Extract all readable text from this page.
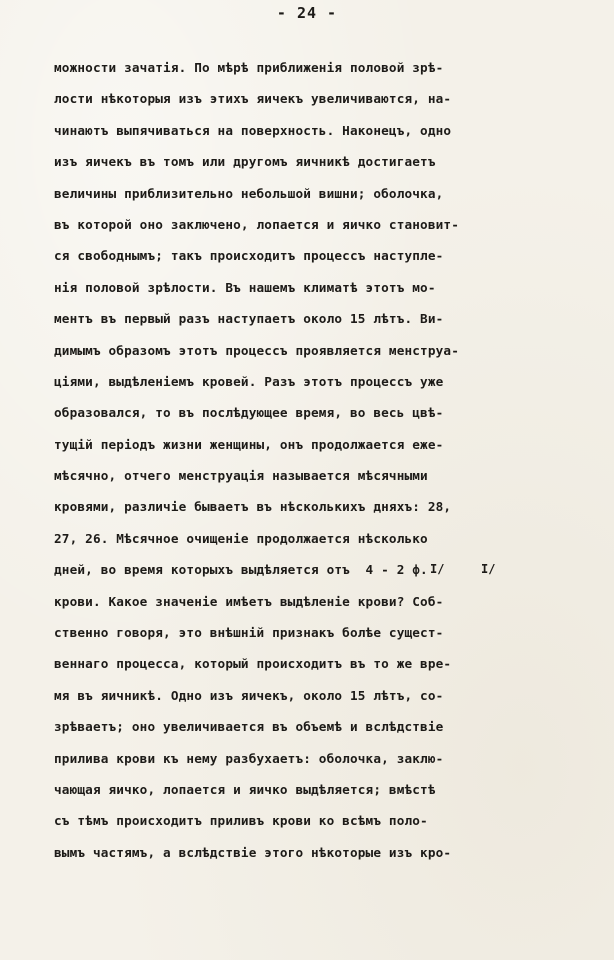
- 24 -
можности зачатія. По мѣрѣ приближенія половой зрѣ-
лости нѣкоторыя изъ этихъ яичекъ увеличиваются, на-
чинаютъ выпячиваться на поверхность. Наконецъ, одно
изъ яичекъ въ томъ или другомъ яичникѣ достигаетъ
величины приблизительно небольшой вишни; оболочка,
въ которой оно заключено, лопается и яичко становит-
ся свободнымъ; такъ происходитъ процессъ наступле-
нія половой зрѣлости. Въ нашемъ климатѣ этотъ мо-
ментъ въ первый разъ наступаетъ около 15 лѣтъ. Ви-
димымъ образомъ этотъ процессъ проявляется менструа-
ціями, выдѣленіемъ кровей. Разъ этотъ процессъ уже
образовался, то въ послѣдующее время, во весь цвѣ-
тущій періодъ жизни женщины, онъ продолжается еже-
мѣсячно, отчего менструація называется мѣсячными
кровями, различіе бываетъ въ нѣсколькихъ дняхъ: 28,
27, 26. Мѣсячное очищеніе продолжается нѣсколько
дней, во время которыхъ выдѣляется отъ  4 - 2 ф.
крови. Какое значеніе имѣетъ выдѣленіе крови? Соб-
ственно говоря, это внѣшній признакъ болѣе сущест-
веннаго процесса, который происходитъ въ то же вре-
мя въ яичникѣ. Одно изъ яичекъ, около 15 лѣтъ, со-
зрѣваетъ; оно увеличивается въ объемѣ и вслѣдствіе
прилива крови къ нему разбухаетъ: оболочка, заклю-
чающая яичко, лопается и яичко выдѣляется; вмѣстѣ
съ тѣмъ происходитъ приливъ крови ко всѣмъ поло-
вымъ частямъ, а вслѣдствіе этого нѣкоторые изъ кро-
I/	I/
